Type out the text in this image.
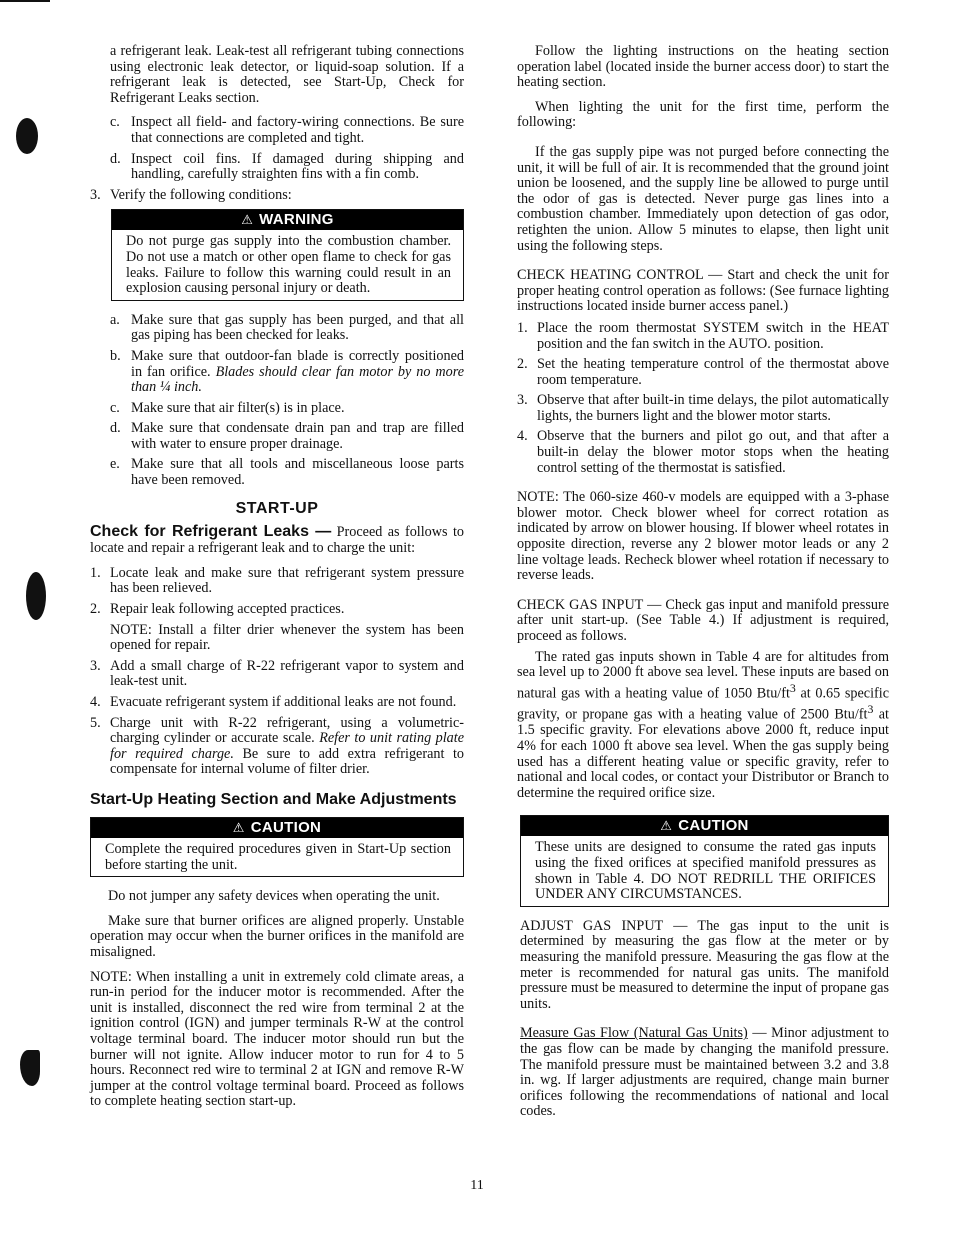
a refrigerant leak. Leak-test all refrigerant tubing connections using electronic leak detector, or liquid-soap solution. If a refrigerant leak is detected, see Start-Up, Check for Refrigerant Leaks section.

c. Inspect all field- and factory-wiring connections. Be sure that connections are completed and tight.
d. Inspect coil fins. If damaged during shipping and handling, carefully straighten fins with a fin comb.
3. Verify the following conditions:
⚠ WARNING
Do not purge gas supply into the combustion chamber. Do not use a match or other open flame to check for gas leaks. Failure to follow this warning could result in an explosion causing personal injury or death.
a. Make sure that gas supply has been purged, and that all gas piping has been checked for leaks.
b. Make sure that outdoor-fan blade is correctly positioned in fan orifice. Blades should clear fan motor by no more than ¼ inch.
c. Make sure that air filter(s) is in place.
d. Make sure that condensate drain pan and trap are filled with water to ensure proper drainage.
e. Make sure that all tools and miscellaneous loose parts have been removed.
START-UP

Check for Refrigerant Leaks — Proceed as follows to locate and repair a refrigerant leak and to charge the unit:

1. Locate leak and make sure that refrigerant system pressure has been relieved.
2. Repair leak following accepted practices.

NOTE: Install a filter drier whenever the system has been opened for repair.

3. Add a small charge of R-22 refrigerant vapor to system and leak-test unit.
4. Evacuate refrigerant system if additional leaks are not found.
5. Charge unit with R-22 refrigerant, using a volumetric-charging cylinder or accurate scale. Refer to unit rating plate for required charge. Be sure to add extra refrigerant to compensate for internal volume of filter drier.
Start-Up Heating Section and Make Adjustments
⚠ CAUTION
Complete the required procedures given in Start-Up section before starting the unit.

Do not jumper any safety devices when operating the unit.

Make sure that burner orifices are aligned properly. Unstable operation may occur when the burner orifices in the manifold are misaligned.

NOTE: When installing a unit in extremely cold climate areas, a run-in period for the inducer motor is recommended. After the unit is installed, disconnect the red wire from terminal 2 at the ignition control (IGN) and jumper terminals R-W at the control voltage terminal board. The inducer motor should run but the burner will not ignite. Allow inducer motor to run for 4 to 5 hours. Reconnect red wire to terminal 2 at IGN and remove R-W jumper at the control voltage terminal board. Proceed as follows to complete heating section start-up.

Follow the lighting instructions on the heating section operation label (located inside the burner access door) to start the heating section.

When lighting the unit for the first time, perform the following:

If the gas supply pipe was not purged before connecting the unit, it will be full of air. It is recommended that the ground joint union be loosened, and the supply line be allowed to purge until the odor of gas is detected. Never purge gas lines into a combustion chamber. Immediately upon detection of gas odor, retighten the union. Allow 5 minutes to elapse, then light unit using the following steps.

CHECK HEATING CONTROL — Start and check the unit for proper heating control operation as follows: (See furnace lighting instructions located inside burner access panel.)

1. Place the room thermostat SYSTEM switch in the HEAT position and the fan switch in the AUTO. position.
2. Set the heating temperature control of the thermostat above room temperature.
3. Observe that after built-in time delays, the pilot automatically lights, the burners light and the blower motor starts.
4. Observe that the burners and pilot go out, and that after a built-in delay the blower motor stops when the heating control setting of the thermostat is satisfied.

NOTE: The 060-size 460-v models are equipped with a 3-phase blower motor. Check blower wheel for correct rotation as indicated by arrow on blower housing. If blower wheel rotates in opposite direction, reverse any 2 blower motor leads or any 2 line voltage leads. Recheck blower wheel rotation if necessary to reverse leads.

CHECK GAS INPUT — Check gas input and manifold pressure after unit start-up. (See Table 4.) If adjustment is required, proceed as follows.

The rated gas inputs shown in Table 4 are for altitudes from sea level up to 2000 ft above sea level. These inputs are based on natural gas with a heating value of 1050 Btu/$ft^3$ at 0.65 specific gravity, or propane gas with a heating value of 2500 Btu/$ft^3$ at 1.5 specific gravity. For elevations above 2000 ft, reduce input 4% for each 1000 ft above sea level. When the gas supply being used has a different heating value or specific gravity, refer to national and local codes, or contact your Distributor or Branch to determine the required orifice size.

⚠ CAUTION
These units are designed to consume the rated gas inputs using the fixed orifices at specified manifold pressures as shown in Table 4. DO NOT REDRILL THE ORIFICES UNDER ANY CIRCUMSTANCES.

ADJUST GAS INPUT — The gas input to the unit is determined by measuring the gas flow at the meter or by measuring the manifold pressure. Measuring the gas flow at the meter is recommended for natural gas units. The manifold pressure must be measured to determine the input of propane gas units.

Measure Gas Flow (Natural Gas Units) — Minor adjustment to the gas flow can be made by changing the manifold pressure. The manifold pressure must be maintained between 3.2 and 3.8 in. wg. If larger adjustments are required, change main burner orifices following the recommendations of national and local codes.

11
